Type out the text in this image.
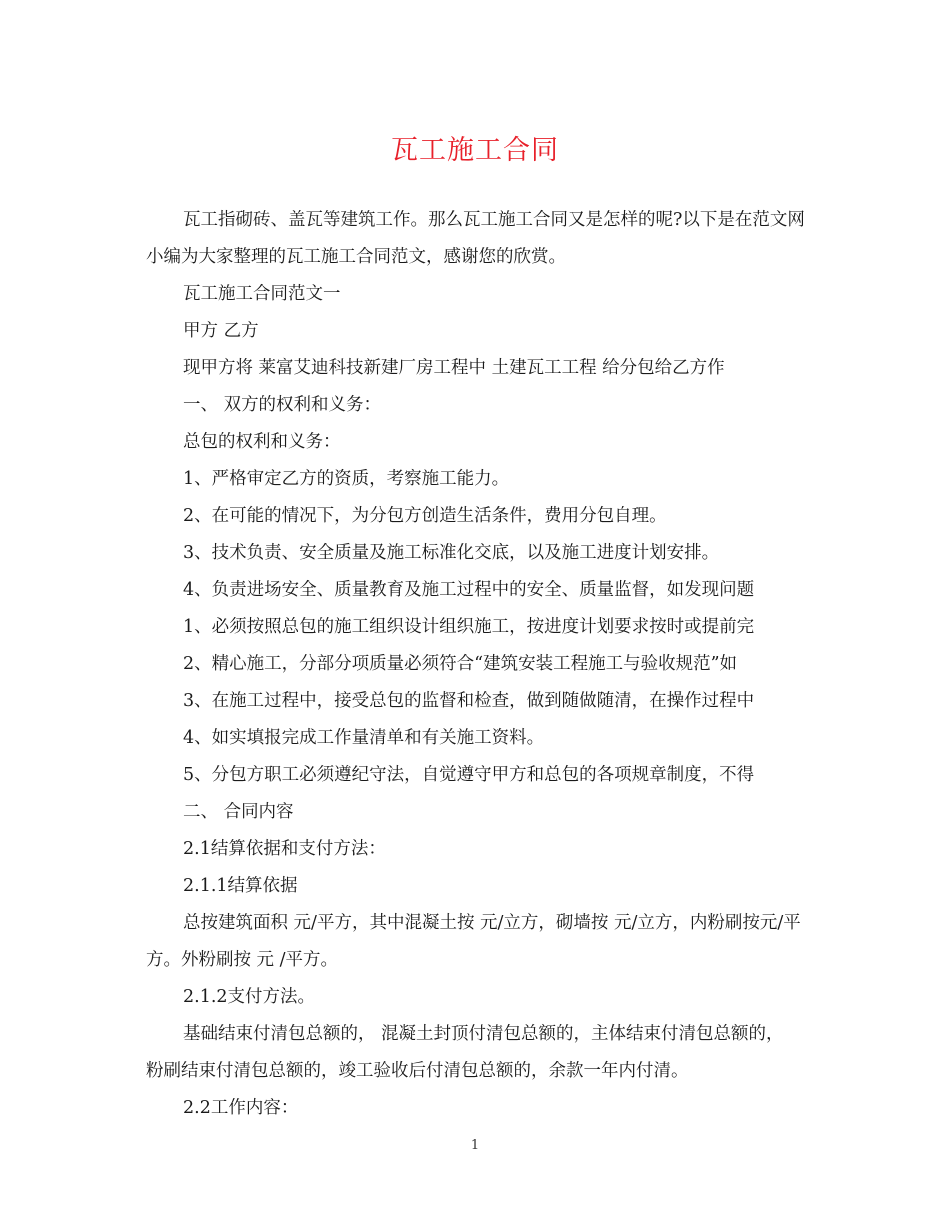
瓦工施工合同

瓦工指砌砖、盖瓦等建筑工作。那么瓦工施工合同又是怎样的呢?以下是在范文网小编为大家整理的瓦工施工合同范文，感谢您的欣赏。

瓦工施工合同范文一

甲方 乙方

现甲方将 莱富艾迪科技新建厂房工程中 土建瓦工工程 给分包给乙方作

一、 双方的权利和义务：

总包的权利和义务：

1、严格审定乙方的资质，考察施工能力。

2、在可能的情况下，为分包方创造生活条件，费用分包自理。

3、技术负责、安全质量及施工标准化交底，以及施工进度计划安排。

4、负责进场安全、质量教育及施工过程中的安全、质量监督，如发现问题

1、必须按照总包的施工组织设计组织施工，按进度计划要求按时或提前完

2、精心施工，分部分项质量必须符合“建筑安装工程施工与验收规范”如

3、在施工过程中，接受总包的监督和检查，做到随做随清，在操作过程中

4、如实填报完成工作量清单和有关施工资料。

5、分包方职工必须遵纪守法，自觉遵守甲方和总包的各项规章制度，不得

二、 合同内容

2.1结算依据和支付方法：

2.1.1结算依据

总按建筑面积 元/平方，其中混凝土按 元/立方，砌墙按 元/立方，内粉刷按元/平方。外粉刷按 元 /平方。

2.1.2支付方法。

基础结束付清包总额的， 混凝土封顶付清包总额的，主体结束付清包总额的， 粉刷结束付清包总额的，竣工验收后付清包总额的，余款一年内付清。

2.2工作内容：

1
